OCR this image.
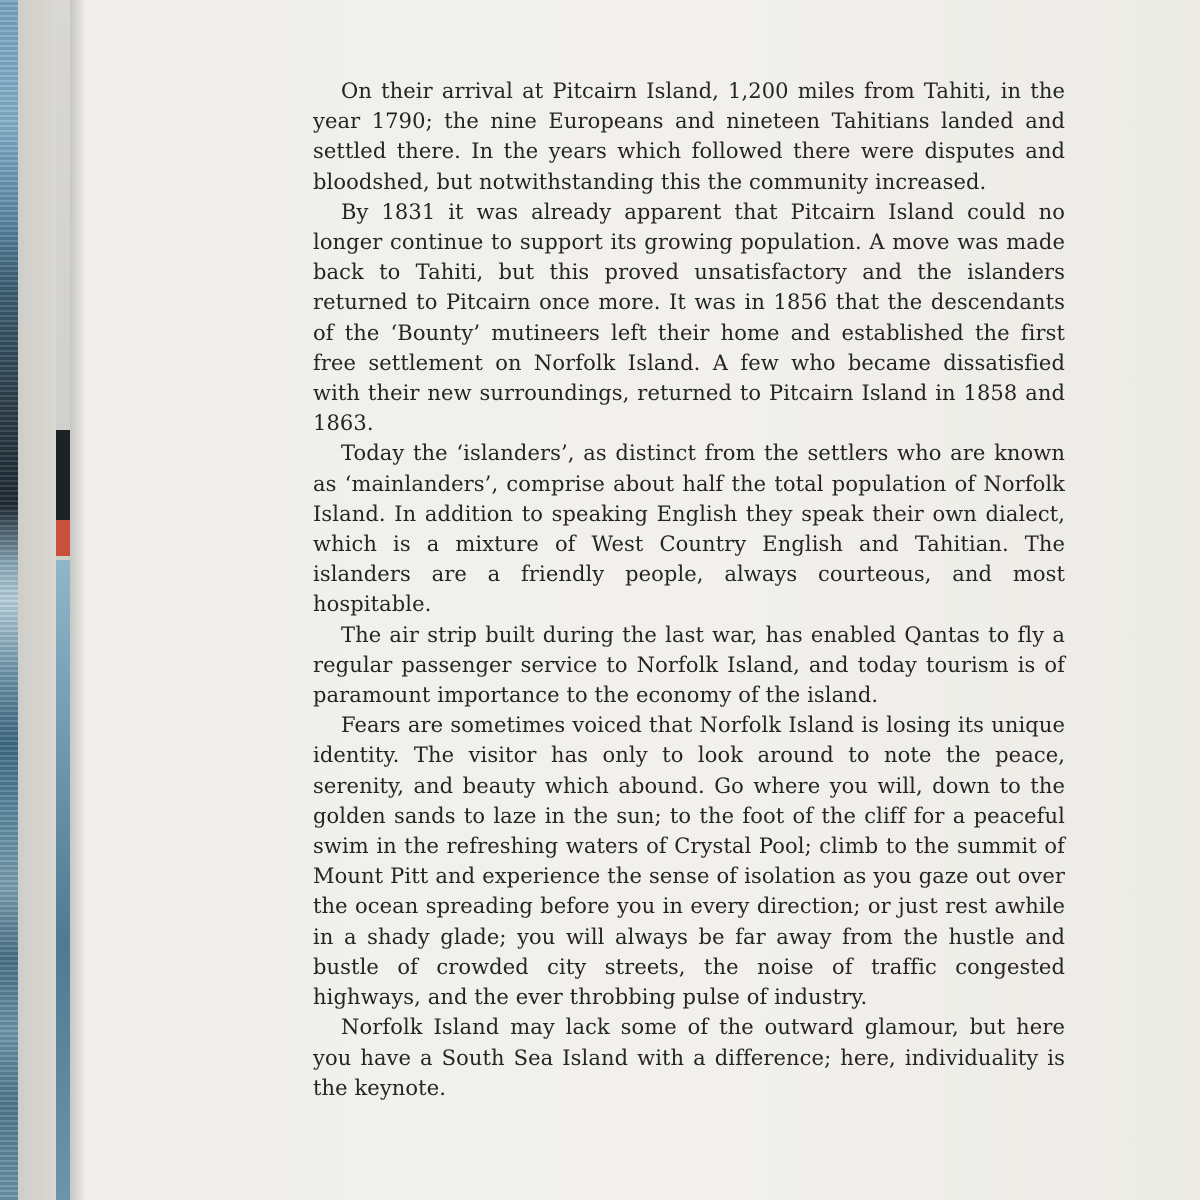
On their arrival at Pitcairn Island, 1,200 miles from Tahiti, in the year 1790; the nine Europeans and nineteen Tahitians landed and settled there. In the years which followed there were disputes and bloodshed, but notwithstanding this the community increased.

By 1831 it was already apparent that Pitcairn Island could no longer continue to support its growing population. A move was made back to Tahiti, but this proved unsatisfactory and the islanders returned to Pitcairn once more. It was in 1856 that the descendants of the ‘Bounty’ mutineers left their home and established the first free settlement on Norfolk Island. A few who became dissatisfied with their new surroundings, returned to Pitcairn Island in 1858 and 1863.

Today the ‘islanders’, as distinct from the settlers who are known as ‘mainlanders’, comprise about half the total population of Norfolk Island. In addition to speaking English they speak their own dialect, which is a mixture of West Country English and Tahitian. The islanders are a friendly people, always courteous, and most hospitable.

The air strip built during the last war, has enabled Qantas to fly a regular passenger service to Norfolk Island, and today tourism is of paramount importance to the economy of the island.

Fears are sometimes voiced that Norfolk Island is losing its unique identity. The visitor has only to look around to note the peace, serenity, and beauty which abound. Go where you will, down to the golden sands to laze in the sun; to the foot of the cliff for a peaceful swim in the refreshing waters of Crystal Pool; climb to the summit of Mount Pitt and experience the sense of isolation as you gaze out over the ocean spreading before you in every direction; or just rest awhile in a shady glade; you will always be far away from the hustle and bustle of crowded city streets, the noise of traffic congested highways, and the ever throbbing pulse of industry.

Norfolk Island may lack some of the outward glamour, but here you have a South Sea Island with a difference; here, individuality is the keynote.
